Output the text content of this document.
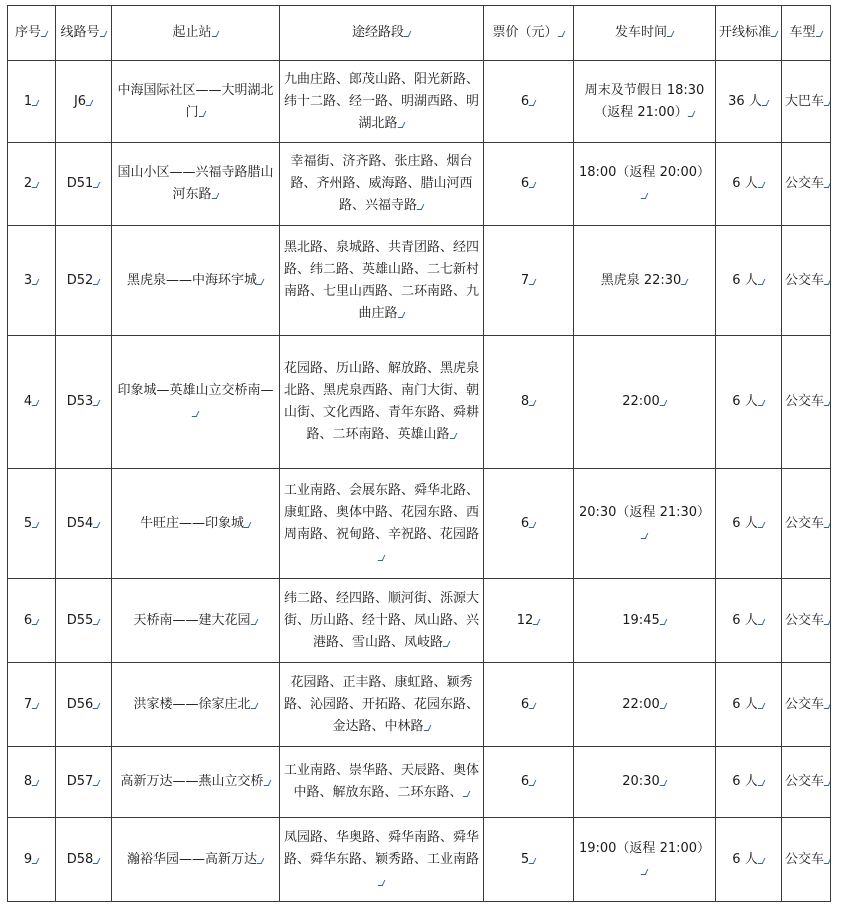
序号	线路号	起止站	途经路段	票价（元）	发车时间	开线标准	车型
1	J6	中海国际社区——大明湖北门	九曲庄路、郎茂山路、阳光新路、纬十二路、经一路、明湖西路、明湖北路	6	周末及节假日 18:30（返程 21:00）	36 人	大巴车
2	D51	国山小区——兴福寺路腊山河东路	幸福街、济齐路、张庄路、烟台路、齐州路、威海路、腊山河西路、兴福寺路	6	18:00（返程 20:00）	6 人	公交车
3	D52	黑虎泉——中海环宇城	黑北路、泉城路、共青团路、经四路、纬二路、英雄山路、二七新村南路、七里山西路、二环南路、九曲庄路	7	黑虎泉 22:30	6 人	公交车
4	D53	印象城—英雄山立交桥南—	花园路、历山路、解放路、黑虎泉北路、黑虎泉西路、南门大街、朝山街、文化西路、青年东路、舜耕路、二环南路、英雄山路	8	22:00	6 人	公交车
5	D54	牛旺庄——印象城	工业南路、会展东路、舜华北路、康虹路、奥体中路、花园东路、西周南路、祝甸路、辛祝路、花园路	6	20:30（返程 21:30）	6 人	公交车
6	D55	天桥南——建大花园	纬二路、经四路、顺河街、泺源大街、历山路、经十路、凤山路、兴港路、雪山路、凤岐路	12	19:45	6 人	公交车
7	D56	洪家楼——徐家庄北	花园路、正丰路、康虹路、颖秀路、沁园路、开拓路、花园东路、金达路、中林路	6	22:00	6 人	公交车
8	D57	高新万达——燕山立交桥	工业南路、崇华路、天辰路、奥体中路、解放东路、二环东路、	6	20:30	6 人	公交车
9	D58	瀚裕华园——高新万达	凤园路、华奥路、舜华南路、舜华路、舜华东路、颖秀路、工业南路	5	19:00（返程 21:00）	6 人	公交车
